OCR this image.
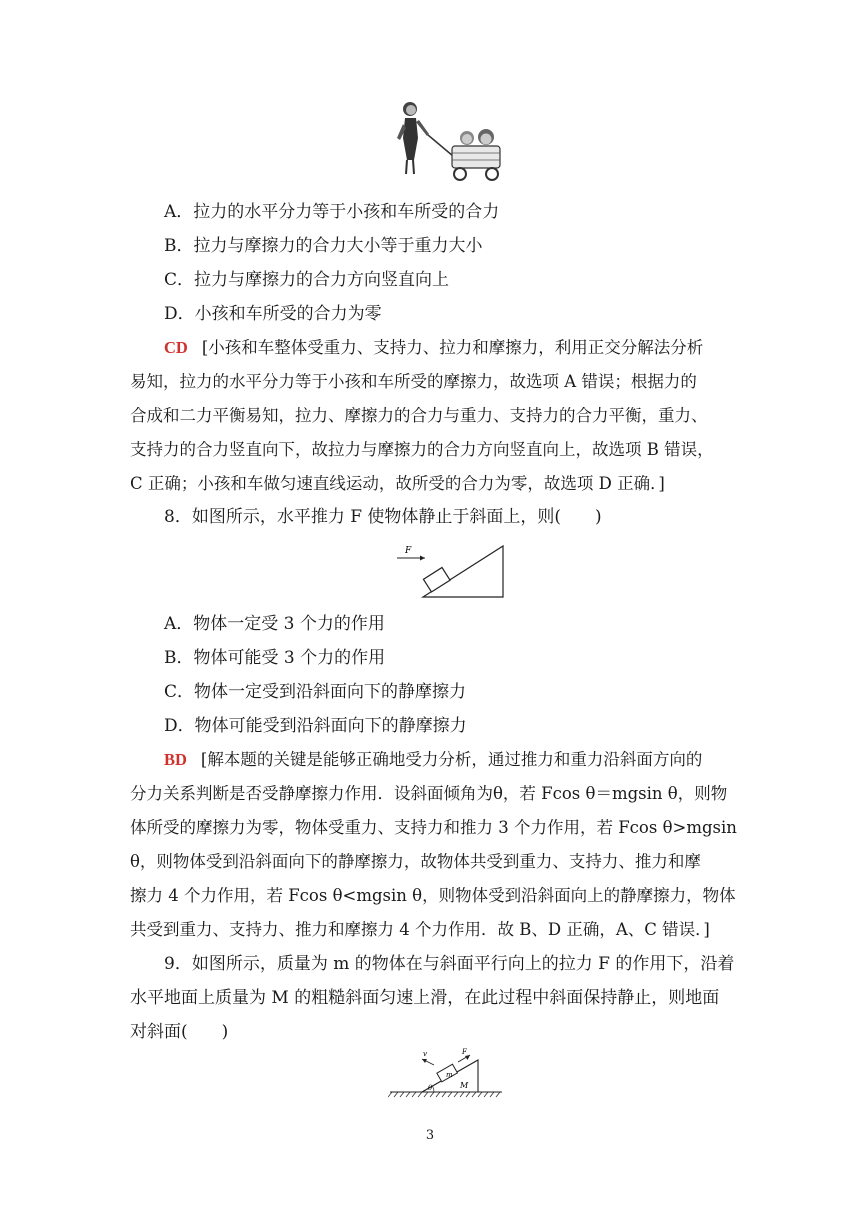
A．拉力的水平分力等于小孩和车所受的合力
B．拉力与摩擦力的合力大小等于重力大小
C．拉力与摩擦力的合力方向竖直向上
D．小孩和车所受的合力为零
CD [小孩和车整体受重力、支持力、拉力和摩擦力，利用正交分解法分析
易知，拉力的水平分力等于小孩和车所受的摩擦力，故选项 A 错误；根据力的
合成和二力平衡易知，拉力、摩擦力的合力与重力、支持力的合力平衡，重力、
支持力的合力竖直向下，故拉力与摩擦力的合力方向竖直向上，故选项 B 错误，
C 正确；小孩和车做匀速直线运动，故所受的合力为零，故选项 D 正确．]
8．如图所示，水平推力 F 使物体静止于斜面上，则(　　)
F
A．物体一定受 3 个力的作用
B．物体可能受 3 个力的作用
C．物体一定受到沿斜面向下的静摩擦力
D．物体可能受到沿斜面向下的静摩擦力
BD [解本题的关键是能够正确地受力分析，通过推力和重力沿斜面方向的
分力关系判断是否受静摩擦力作用．设斜面倾角为θ，若 Fcos θ＝mgsin θ，则物
体所受的摩擦力为零，物体受重力、支持力和推力 3 个力作用，若 Fcos θ>mgsin
θ，则物体受到沿斜面向下的静摩擦力，故物体共受到重力、支持力、推力和摩
擦力 4 个力作用，若 Fcos θ<mgsin θ，则物体受到沿斜面向上的静摩擦力，物体
共受到重力、支持力、推力和摩擦力 4 个力作用．故 B、D 正确，A、C 错误．]
9．如图所示，质量为 m 的物体在与斜面平行向上的拉力 F 的作用下，沿着
水平地面上质量为 M 的粗糙斜面匀速上滑，在此过程中斜面保持静止，则地面
对斜面(　　)
θ
m
M
F
v
3
